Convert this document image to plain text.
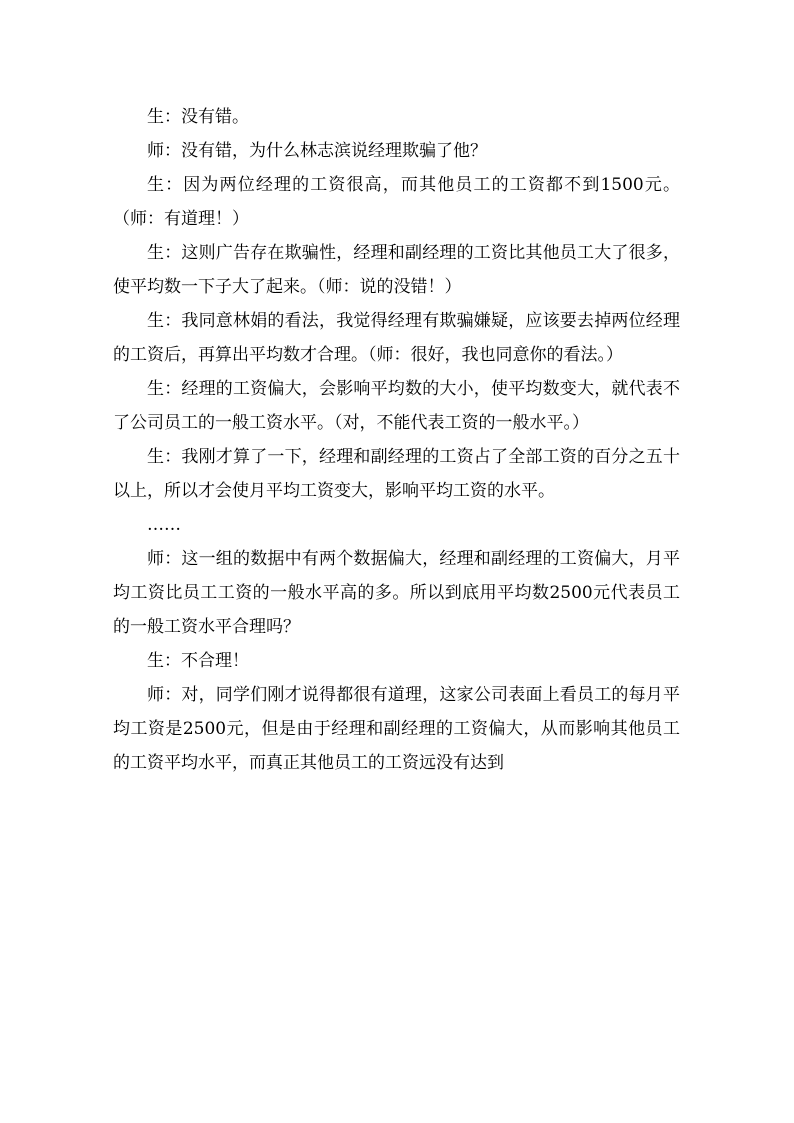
生：没有错。

师：没有错，为什么林志滨说经理欺骗了他？

生：因为两位经理的工资很高，而其他员工的工资都不到1500元。（师：有道理！）

生：这则广告存在欺骗性，经理和副经理的工资比其他员工大了很多，使平均数一下子大了起来。（师：说的没错！）

生：我同意林娟的看法，我觉得经理有欺骗嫌疑，应该要去掉两位经理的工资后，再算出平均数才合理。（师：很好，我也同意你的看法。）

生：经理的工资偏大，会影响平均数的大小，使平均数变大，就代表不了公司员工的一般工资水平。（对，不能代表工资的一般水平。）

生：我刚才算了一下，经理和副经理的工资占了全部工资的百分之五十以上，所以才会使月平均工资变大，影响平均工资的水平。

……

师：这一组的数据中有两个数据偏大，经理和副经理的工资偏大，月平均工资比员工工资的一般水平高的多。所以到底用平均数2500元代表员工的一般工资水平合理吗？

生：不合理！

师：对，同学们刚才说得都很有道理，这家公司表面上看员工的每月平均工资是2500元，但是由于经理和副经理的工资偏大，从而影响其他员工的工资平均水平，而真正其他员工的工资远没有达到
